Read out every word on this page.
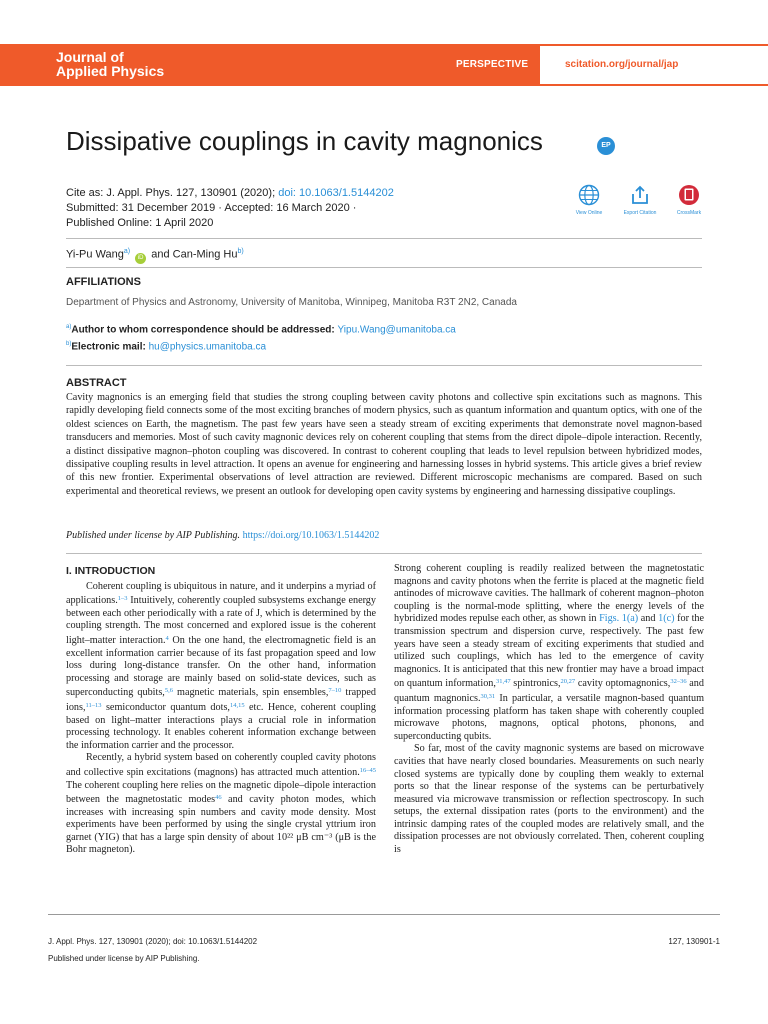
Journal of
Applied Physics	PERSPECTIVE	scitation.org/journal/jap
Dissipative couplings in cavity magnonics	EP
Cite as: J. Appl. Phys. 127, 130901 (2020); doi: 10.1063/1.5144202
Submitted: 31 December 2019 · Accepted: 16 March 2020 ·
Published Online: 1 April 2020
View Online	Export Citation	CrossMark
Yi-Pu Wang$^{a)}$ iD and Can-Ming Hu$^{b)}$
AFFILIATIONS
Department of Physics and Astronomy, University of Manitoba, Winnipeg, Manitoba R3T 2N2, Canada
$^{a)}$Author to whom correspondence should be addressed: Yipu.Wang@umanitoba.ca
$^{b)}$Electronic mail: hu@physics.umanitoba.ca
ABSTRACT
Cavity magnonics is an emerging field that studies the strong coupling between cavity photons and collective spin excitations such as magnons. This rapidly developing field connects some of the most exciting branches of modern physics, such as quantum information and quantum optics, with one of the oldest sciences on Earth, the magnetism. The past few years have seen a steady stream of exciting experiments that demonstrate novel magnon-based transducers and memories. Most of such cavity magnonic devices rely on coherent coupling that stems from the direct dipole–dipole interaction. Recently, a distinct dissipative magnon–photon coupling was discovered. In contrast to coherent coupling that leads to level repulsion between hybridized modes, dissipative coupling results in level attraction. It opens an avenue for engineering and harnessing losses in hybrid systems. This article gives a brief review of this new frontier. Experimental observations of level attraction are reviewed. Different microscopic mechanisms are compared. Based on such experimental and theoretical reviews, we present an outlook for developing open cavity systems by engineering and harnessing dissipative couplings.
Published under license by AIP Publishing. https://doi.org/10.1063/1.5144202
I. INTRODUCTION

Coherent coupling is ubiquitous in nature, and it underpins a myriad of applications.$^{1-3}$ Intuitively, coherently coupled subsystems exchange energy between each other periodically with a rate of J, which is determined by the coupling strength. The most concerned and explored issue is the coherent light–matter interaction.$^4$ On the one hand, the electromagnetic field is an excellent information carrier because of its fast propagation speed and low loss during long-distance transfer. On the other hand, information processing and storage are mainly based on solid-state devices, such as superconducting qubits,$^{5,6}$ magnetic materials, spin ensembles,$^{7-10}$ trapped ions,$^{11-13}$ semiconductor quantum dots,$^{14,15}$ etc. Hence, coherent coupling based on light–matter interactions plays a crucial role in information processing technology. It enables coherent information exchange between the information carrier and the processor.

Recently, a hybrid system based on coherently coupled cavity photons and collective spin excitations (magnons) has attracted much attention.$^{16-45}$ The coherent coupling here relies on the magnetic dipole–dipole interaction between the magnetostatic modes$^{46}$ and cavity photon modes, which increases with increasing spin numbers and cavity mode density. Most experiments have been performed by using the single crystal yttrium iron garnet (YIG) that has a large spin density of about 10²² μB cm⁻³ (μB is the Bohr magneton).

Strong coherent coupling is readily realized between the magnetostatic magnons and cavity photons when the ferrite is placed at the magnetic field antinodes of microwave cavities. The hallmark of coherent magnon–photon coupling is the normal-mode splitting, where the energy levels of the hybridized modes repulse each other, as shown in Figs. 1(a) and 1(c) for the transmission spectrum and dispersion curve, respectively. The past few years have seen a steady stream of exciting experiments that studied and utilized such couplings, which has led to the emergence of cavity magnonics. It is anticipated that this new frontier may have a broad impact on quantum information,$^{31,47}$ spintronics,$^{20,27}$ cavity optomagnonics,$^{32-36}$ and quantum magnonics.$^{30,31}$ In particular, a versatile magnon-based quantum information processing platform has taken shape with coherently coupled microwave photons, magnons, optical photons, phonons, and superconducting qubits.

So far, most of the cavity magnonic systems are based on microwave cavities that have nearly closed boundaries. Measurements on such nearly closed systems are typically done by coupling them weakly to external ports so that the linear response of the systems can be perturbatively measured via microwave transmission or reflection spectroscopy. In such setups, the external dissipation rates (ports to the environment) and the intrinsic damping rates of the coupled modes are relatively small, and the dissipation processes are not obviously correlated. Then, coherent coupling is

J. Appl. Phys. 127, 130901 (2020); doi: 10.1063/1.5144202	127, 130901-1
Published under license by AIP Publishing.
